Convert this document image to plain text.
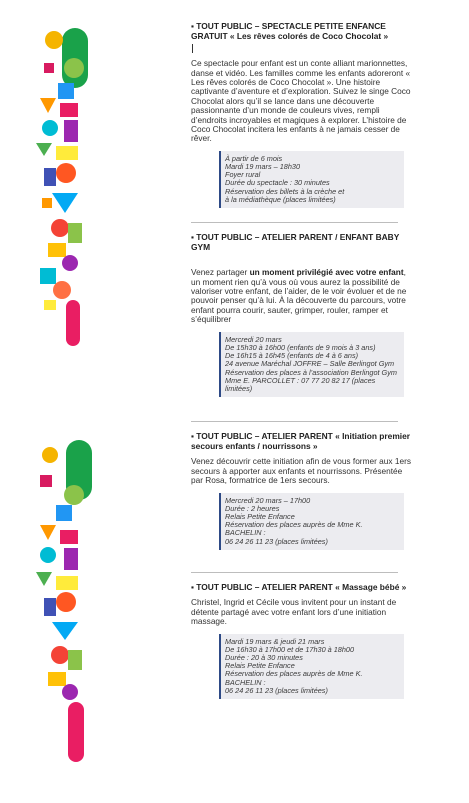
▪ TOUT PUBLIC – SPECTACLE PETITE ENFANCE GRATUIT « Les rêves colorés de Coco Chocolat »
Ce spectacle pour enfant est un conte alliant marionnettes, danse et vidéo. Les familles comme les enfants adoreront « Les rêves colorés de Coco Chocolat ». Une histoire captivante d’aventure et d’exploration. Suivez le singe Coco Chocolat alors qu’il se lance dans une découverte passionnante d’un monde de couleurs vives, rempli d’endroits incroyables et magiques à explorer. L’histoire de Coco Chocolat incitera les enfants à ne jamais cesser de rêver.
À partir de 6 mois
Mardi 19 mars – 18h30
Foyer rural
Durée du spectacle : 30 minutes
Réservation des billets à la crèche et
à la médiathèque (places limitées)
▪ TOUT PUBLIC – ATELIER PARENT / ENFANT BABY GYM
Venez partager un moment privilégié avec votre enfant, un moment rien qu’à vous où vous aurez la possibilité de valoriser votre enfant, de l’aider, de le voir évoluer et de ne pouvoir penser qu’à lui. À la découverte du parcours, votre enfant pourra courir, sauter, grimper, rouler, ramper et s’équilibrer
Mercredi 20 mars
De 15h30 à 16h00 (enfants de 9 mois à 3 ans)
De 16h15 à 16h45 (enfants de 4 à 6 ans)
24 avenue Maréchal JOFFRE – Salle Berlingot Gym
Réservation des places à l’association Berlingot Gym
Mme E. PARCOLLET : 07 77 20 82 17 (places limitées)
▪ TOUT PUBLIC – ATELIER PARENT « Initiation premier secours enfants / nourrissons »
Venez découvrir cette initiation afin de vous former aux 1ers secours à apporter aux enfants et nourrissons. Présentée par Rosa, formatrice de 1ers secours.
Mercredi 20 mars – 17h00
Durée : 2 heures
Relais Petite Enfance
Réservation des places auprès de Mme K. BACHELIN :
06 24 26 11 23 (places limitées)
▪ TOUT PUBLIC – ATELIER PARENT « Massage bébé »
Christel, Ingrid et Cécile vous invitent pour un instant de détente partagé avec votre enfant lors d’une initiation massage.
Mardi 19 mars & jeudi 21 mars
De 16h30 à 17h00 et de 17h30 à 18h00
Durée : 20 à 30 minutes
Relais Petite Enfance
Réservation des places auprès de Mme K. BACHELIN :
06 24 26 11 23 (places limitées)
